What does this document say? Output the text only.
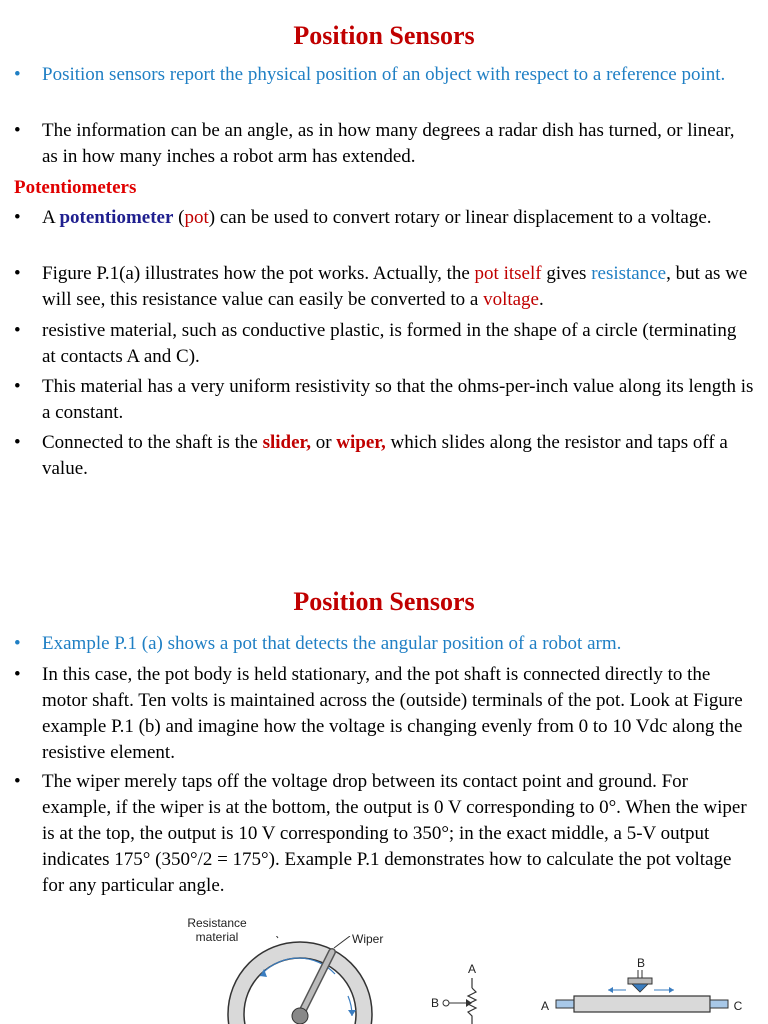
Position Sensors
•	Position sensors report the physical position of an object with respect to a reference point.
•	The information can be an angle, as in how many degrees a radar dish has turned, or linear, as in how many inches a robot arm has extended.
Potentiometers
•	A potentiometer (pot) can be used to convert rotary or linear displacement to a voltage.
•	Figure P.1(a) illustrates how the pot works. Actually, the pot itself gives resistance, but as we will see, this resistance value can easily be converted to a voltage.
•	resistive material, such as conductive plastic, is formed in the shape of a circle (terminating at contacts A and C).
•	This material has a very uniform resistivity so that the ohms-per-inch value along its length is a constant.
•	Connected to the shaft is the slider, or wiper, which slides along the resistor and taps off a value.
Position Sensors
•	Example P.1 (a) shows a pot that detects the angular position of a robot arm.
•	In this case, the pot body is held stationary, and the pot shaft is connected directly to the motor shaft. Ten volts is maintained across the (outside) terminals of the pot. Look at Figure example P.1 (b) and imagine how the voltage is changing evenly from 0 to 10 Vdc along the resistive element.
•	The wiper merely taps off the voltage drop between its contact point and ground. For example, if the wiper is at the bottom, the output is 0 V corresponding to 0°. When the wiper is at the top, the output is 10 V corresponding to 350°; in the exact middle, a 5-V output indicates 175° (350°/2 = 175°). Example P.1 demonstrates how to calculate the pot voltage for any particular angle.
Resistance
material	Wiper
A
B
B
A	C
